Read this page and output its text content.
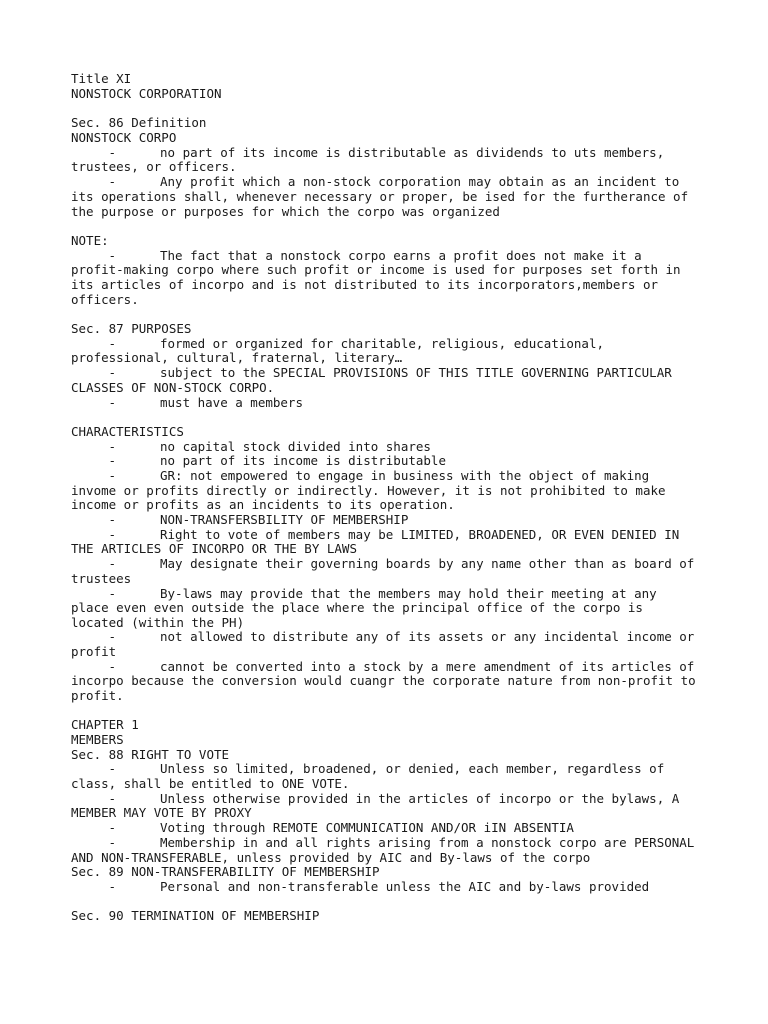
Title XI
NONSTOCK CORPORATION
Sec. 86 Definition
NONSTOCK CORPO
-	no part of its income is distributable as dividends to uts members,
trustees, or officers.
-	Any profit which a non-stock corporation may obtain as an incident to
its operations shall, whenever necessary or proper, be ised for the furtherance of
the purpose or purposes for which the corpo was organized
NOTE:
-	The fact that a nonstock corpo earns a profit does not make it a
profit-making corpo where such profit or income is used for purposes set forth in
its articles of incorpo and is not distributed to its incorporators,members or
officers.
Sec. 87 PURPOSES
-	formed or organized for charitable, religious, educational,
professional, cultural, fraternal, literary…
-	subject to the SPECIAL PROVISIONS OF THIS TITLE GOVERNING PARTICULAR
CLASSES OF NON-STOCK CORPO.
-	must have a members
CHARACTERISTICS
-	no capital stock divided into shares
-	no part of its income is distributable
-	GR: not empowered to engage in business with the object of making
invome or profits directly or indirectly. However, it is not prohibited to make
income or profits as an incidents to its operation.
-	NON-TRANSFERSBILITY OF MEMBERSHIP
-	Right to vote of members may be LIMITED, BROADENED, OR EVEN DENIED IN
THE ARTICLES OF INCORPO OR THE BY LAWS
-	May designate their governing boards by any name other than as board of
trustees
-	By-laws may provide that the members may hold their meeting at any
place even even outside the place where the principal office of the corpo is
located (within the PH)
-	not allowed to distribute any of its assets or any incidental income or
profit
-	cannot be converted into a stock by a mere amendment of its articles of
incorpo because the conversion would cuangr the corporate nature from non-profit to
profit.
CHAPTER 1
MEMBERS
Sec. 88 RIGHT TO VOTE
-	Unless so limited, broadened, or denied, each member, regardless of
class, shall be entitled to ONE VOTE.
-	Unless otherwise provided in the articles of incorpo or the bylaws, A
MEMBER MAY VOTE BY PROXY
-	Voting through REMOTE COMMUNICATION AND/OR iIN ABSENTIA
-	Membership in and all rights arising from a nonstock corpo are PERSONAL
AND NON-TRANSFERABLE, unless provided by AIC and By-laws of the corpo
Sec. 89 NON-TRANSFERABILITY OF MEMBERSHIP
-	Personal and non-transferable unless the AIC and by-laws provided
Sec. 90 TERMINATION OF MEMBERSHIP
